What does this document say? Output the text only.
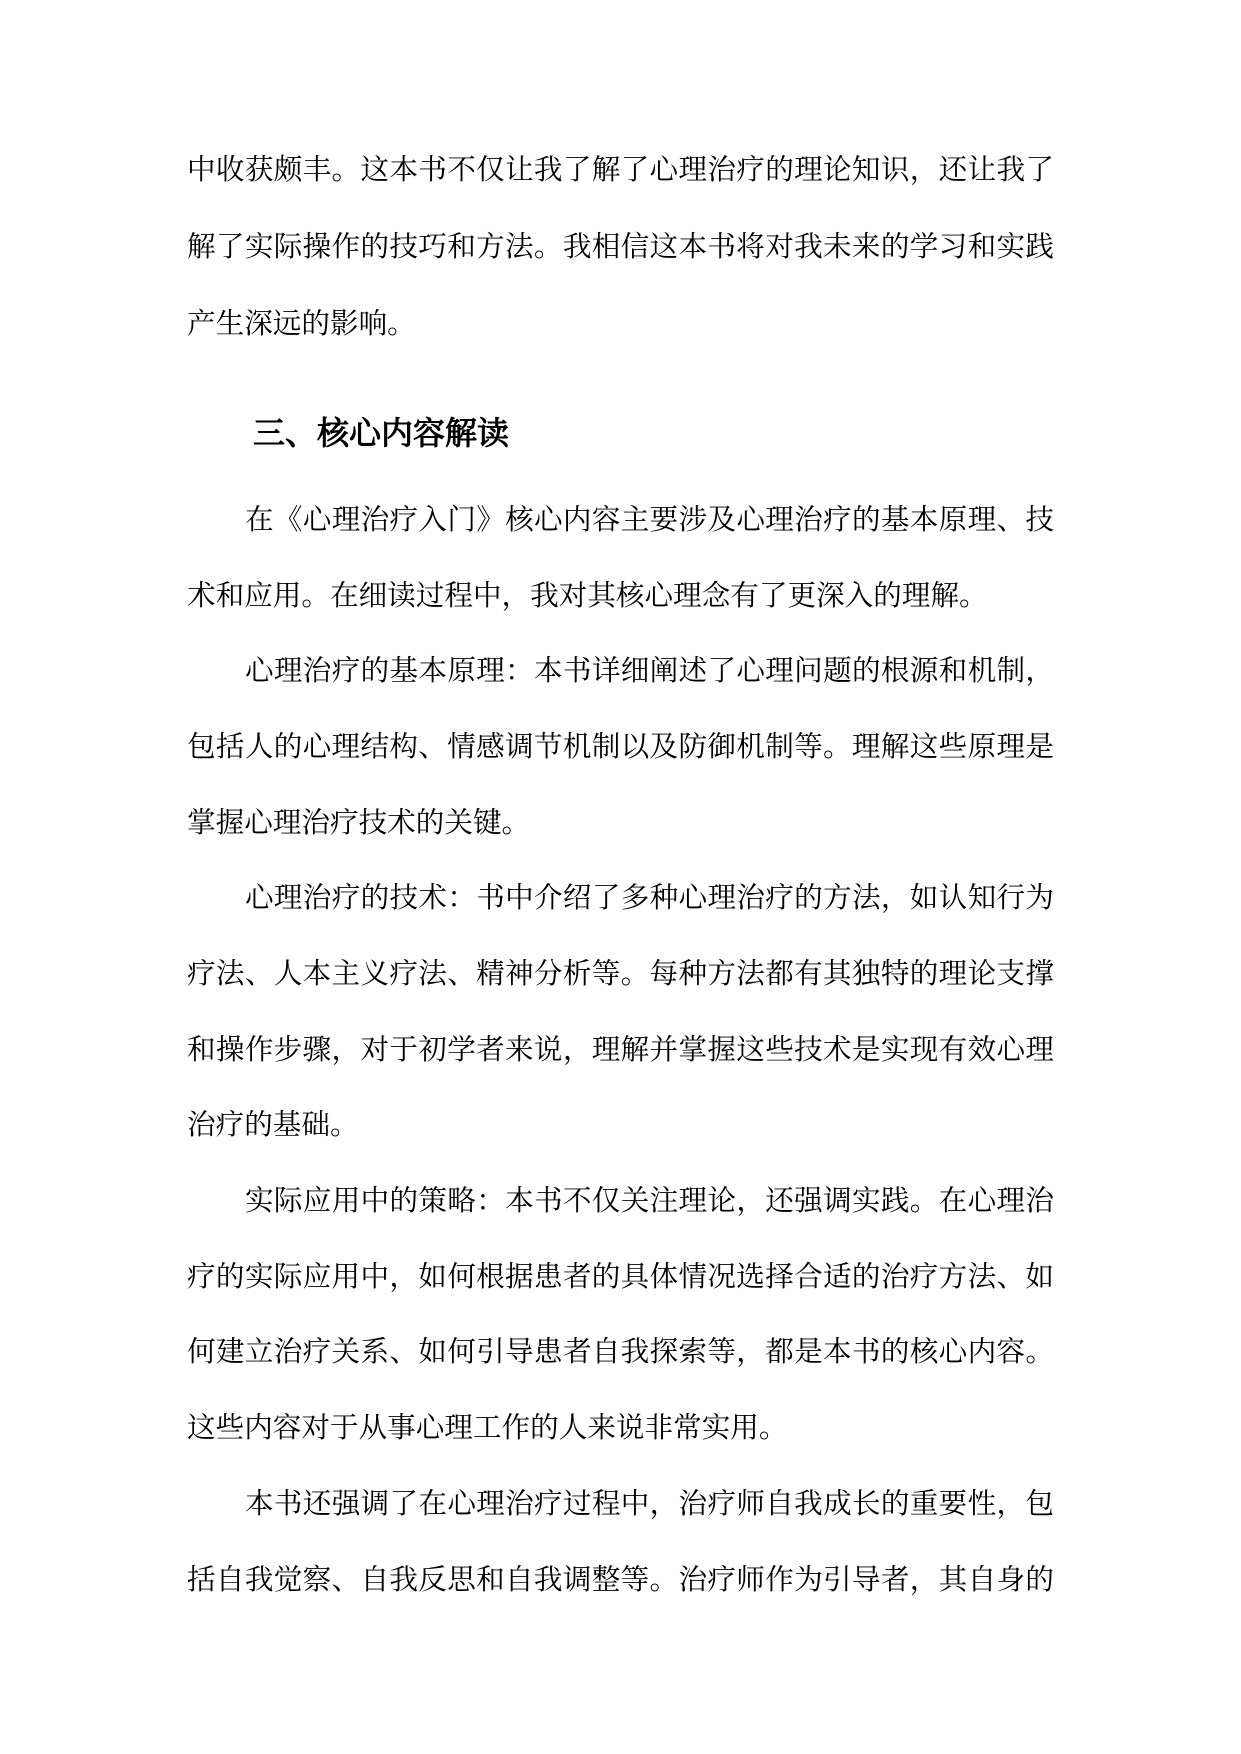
中收获颇丰。这本书不仅让我了解了心理治疗的理论知识，还让我了
解了实际操作的技巧和方法。我相信这本书将对我未来的学习和实践
产生深远的影响。
三、核心内容解读
在《心理治疗入门》核心内容主要涉及心理治疗的基本原理、技
术和应用。在细读过程中，我对其核心理念有了更深入的理解。
心理治疗的基本原理：本书详细阐述了心理问题的根源和机制，
包括人的心理结构、情感调节机制以及防御机制等。理解这些原理是
掌握心理治疗技术的关键。
心理治疗的技术：书中介绍了多种心理治疗的方法，如认知行为
疗法、人本主义疗法、精神分析等。每种方法都有其独特的理论支撑
和操作步骤，对于初学者来说，理解并掌握这些技术是实现有效心理
治疗的基础。
实际应用中的策略：本书不仅关注理论，还强调实践。在心理治
疗的实际应用中，如何根据患者的具体情况选择合适的治疗方法、如
何建立治疗关系、如何引导患者自我探索等，都是本书的核心内容。
这些内容对于从事心理工作的人来说非常实用。
本书还强调了在心理治疗过程中，治疗师自我成长的重要性，包
括自我觉察、自我反思和自我调整等。治疗师作为引导者，其自身的
